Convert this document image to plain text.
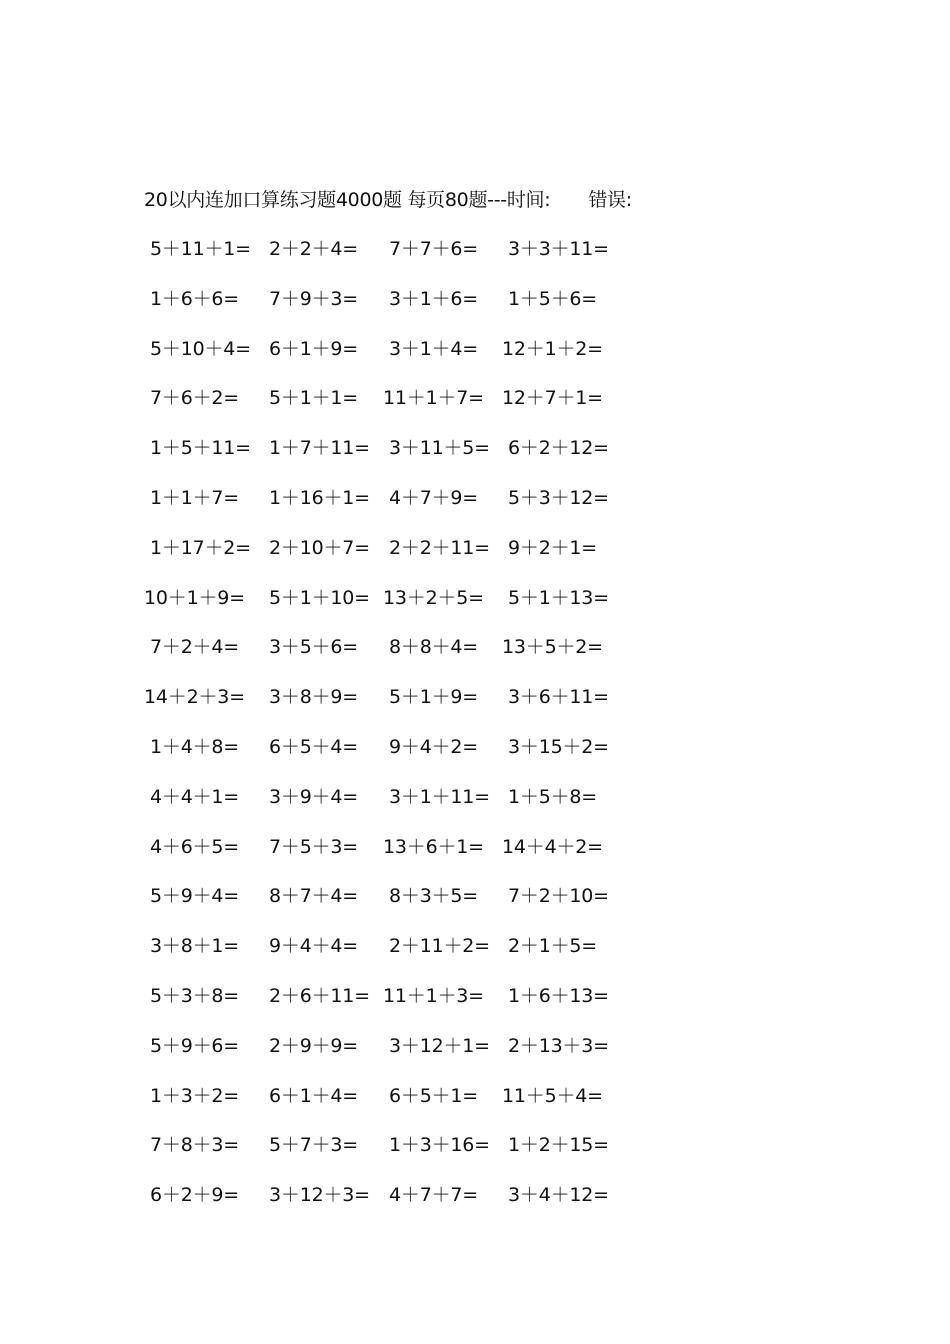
20以内连加口算练习题4000题 每页80题---时间: 错误:
5＋11＋1= 2＋2＋4= 7＋7＋6= 3＋3＋11=
1＋6＋6= 7＋9＋3= 3＋1＋6= 1＋5＋6=
5＋10＋4= 6＋1＋9= 3＋1＋4= 12＋1＋2=
7＋6＋2= 5＋1＋1= 11＋1＋7= 12＋7＋1=
1＋5＋11= 1＋7＋11= 3＋11＋5= 6＋2＋12=
1＋1＋7= 1＋16＋1= 4＋7＋9= 5＋3＋12=
1＋17＋2= 2＋10＋7= 2＋2＋11= 9＋2＋1=
10＋1＋9= 5＋1＋10= 13＋2＋5= 5＋1＋13=
7＋2＋4= 3＋5＋6= 8＋8＋4= 13＋5＋2=
14＋2＋3= 3＋8＋9= 5＋1＋9= 3＋6＋11=
1＋4＋8= 6＋5＋4= 9＋4＋2= 3＋15＋2=
4＋4＋1= 3＋9＋4= 3＋1＋11= 1＋5＋8=
4＋6＋5= 7＋5＋3= 13＋6＋1= 14＋4＋2=
5＋9＋4= 8＋7＋4= 8＋3＋5= 7＋2＋10=
3＋8＋1= 9＋4＋4= 2＋11＋2= 2＋1＋5=
5＋3＋8= 2＋6＋11= 11＋1＋3= 1＋6＋13=
5＋9＋6= 2＋9＋9= 3＋12＋1= 2＋13＋3=
1＋3＋2= 6＋1＋4= 6＋5＋1= 11＋5＋4=
7＋8＋3= 5＋7＋3= 1＋3＋16= 1＋2＋15=
6＋2＋9= 3＋12＋3= 4＋7＋7= 3＋4＋12=
